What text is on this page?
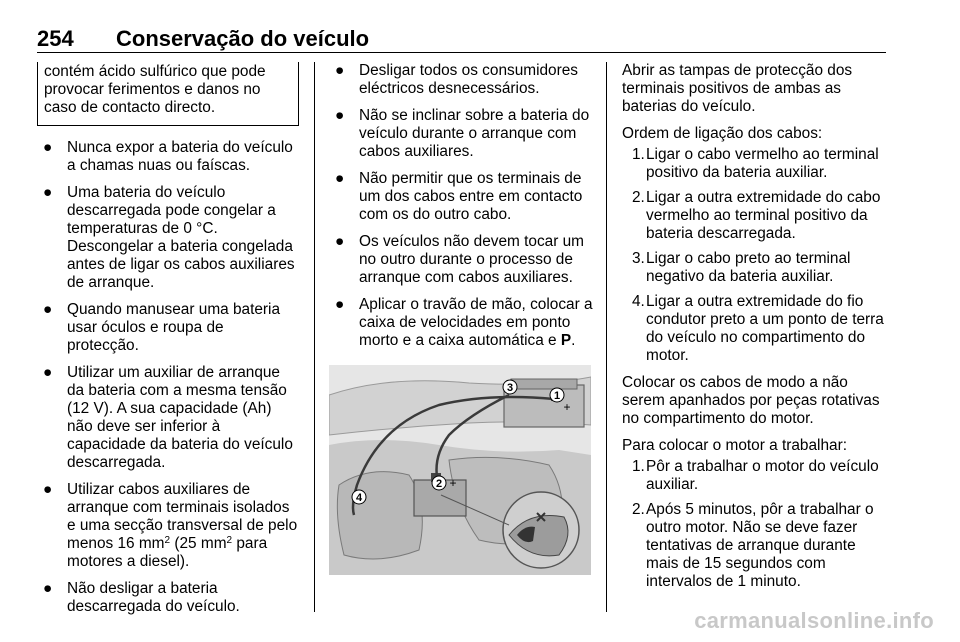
254 Conservação do veículo
contém ácido sulfúrico que pode provocar ferimentos e danos no caso de contacto directo.
● Nunca expor a bateria do veículo a chamas nuas ou faíscas.
● Uma bateria do veículo descarregada pode congelar a temperaturas de 0 °C. Descongelar a bateria congelada antes de ligar os cabos auxiliares de arranque.
● Quando manusear uma bateria usar óculos e roupa de protecção.
● Utilizar um auxiliar de arranque da bateria com a mesma tensão (12 V). A sua capacidade (Ah) não deve ser inferior à capacidade da bateria do veículo descarregada.
● Utilizar cabos auxiliares de arranque com terminais isolados e uma secção transversal de pelo menos 16 $mm^2$ (25 $mm^2$ para motores a diesel).
● Não desligar a bateria descarregada do veículo.
● Desligar todos os consumidores eléctricos desnecessários.
● Não se inclinar sobre a bateria do veículo durante o arranque com cabos auxiliares.
● Não permitir que os terminais de um dos cabos entre em contacto com os do outro cabo.
● Os veículos não devem tocar um no outro durante o processo de arranque com cabos auxiliares.
● Aplicar o travão de mão, colocar a caixa de velocidades em ponto morto e a caixa automática e P.
1
3
2
4
+
+
Abrir as tampas de protecção dos terminais positivos de ambas as baterias do veículo.
Ordem de ligação dos cabos:
1. Ligar o cabo vermelho ao terminal positivo da bateria auxiliar.
2. Ligar a outra extremidade do cabo vermelho ao terminal positivo da bateria descarregada.
3. Ligar o cabo preto ao terminal negativo da bateria auxiliar.
4. Ligar a outra extremidade do fio condutor preto a um ponto de terra do veículo no compartimento do motor.
Colocar os cabos de modo a não serem apanhados por peças rotativas no compartimento do motor.
Para colocar o motor a trabalhar:
1. Pôr a trabalhar o motor do veículo auxiliar.
2. Após 5 minutos, pôr a trabalhar o outro motor. Não se deve fazer tentativas de arranque durante mais de 15 segundos com intervalos de 1 minuto.
carmanualsonline.info
